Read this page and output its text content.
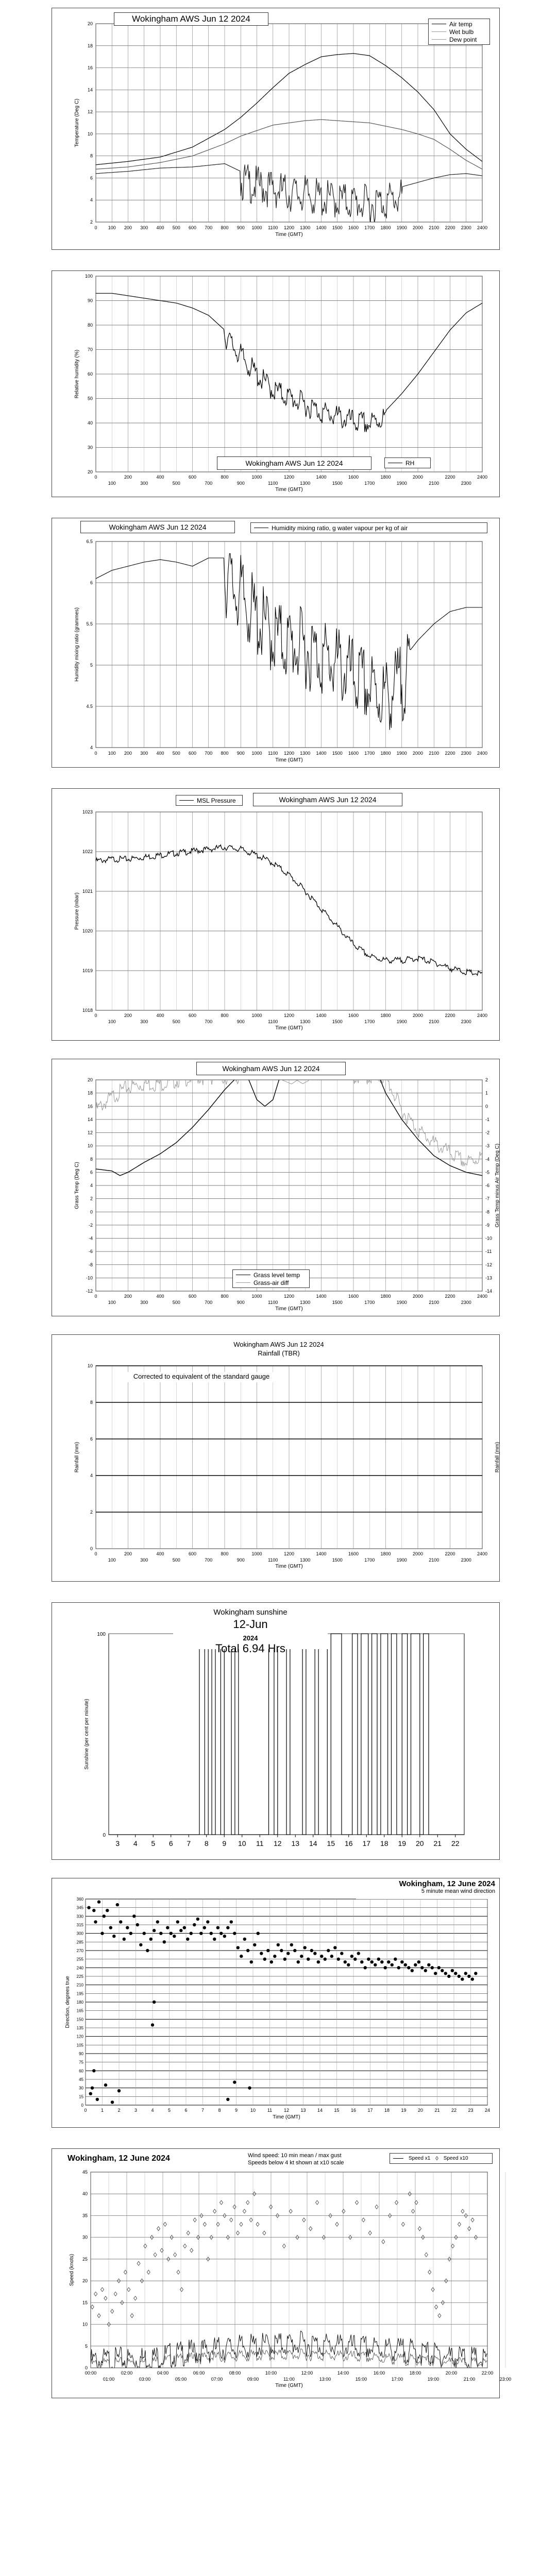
20
18
16
14
12
10
8
6
4
2
0 100 200 300 400 500 600 700 800 900 1000 1100 1200 1300 1400 1500 1600 1700 1800 1900 2000 2100 2200 2300 2400
Time (GMT)
Temperature (Deg C)
Wokingham AWS Jun 12 2024
Air temp
Wet bulb
Dew point
100
90
80
70
60
50
40
30
20
0	200	400	600	800	1000	1200	1400	1600	1800	2000	2200	2400
100	300	500	700	900	1100	1300	1500	1700	1900	2100	2300
Time (GMT)
Relative humidity (%)
Wokingham AWS Jun 12 2024	RH
6.5
6
5.5
5
4.5
4
0 100 200 300 400 500 600 700 800 900 1000 1100 1200 1300 1400 1500 1600 1700 1800 1900 2000 2100 2200 2300 2400
Time (GMT)
Humidity mixing ratio (grammes)
Wokingham AWS Jun 12 2024	Humidity mixing ratio, g water vapour per kg of air
1023
1022
1021
1020
1019
1018
0	200	400	600	800	1000	1200	1400	1600	1800	2000	2200	2400
100	300	500	700	900	1100	1300	1500	1700	1900	2100	2300
Time (GMT)
Pressure (mbar)
MSL Pressure	Wokingham AWS Jun 12 2024
20
18
16
14
12
10
8
6
4
2
0
-2
-4
-6
-8
-10
-12
2
1
0
-1
-2
-3
-4
-5
-6
-7
-8
-9
-10
-11
-12
-13
-14
0	200	400	600	800	1000	1200	1400	1600	1800	2000	2200	2400
100	300	500	700	900	1100	1300	1500	1700	1900	2100	2300
Time (GMT)
Grass Temp (Deg C)	Grass Temp minus Air Temp (Deg C)
Wokingham AWS Jun 12 2024
Grass level temp
Grass-air diff
10
8
6
4
2
0
0	200	400	600	800	1000	1200	1400	1600	1800	2000	2200	2400
100	300	500	700	900	1100	1300	1500	1700	1900	2100	2300
Time (GMT)
Rainfall (mm)	Rainfall (mm)
Wokingham AWS Jun 12 2024
Rainfall (TBR)
Corrected to equivalent of the standard gauge
100
0
Sunshine (per cent per minute)
3 4 5 6 7 8 9 10 11 12 13 14 15 16 17 18 19 20 21 22
Wokingham sunshine
12-Jun
2024
Total 6.94 Hrs
360
345
330
315
300
285
270
255
240
225
210
195
180
165
150
135
120
105
90
75
60
45
30
15
0
0	1	2	3	4	5	6	7	8	9	10	11	12 13 14 15 16 17 18 19 20 21 22 23 24
Time (GMT)
Direction, degrees true
Wokingham, 12 June 2024
5 minute mean wind direction
45
40
35
30
25
20
15
10
5
0
00:00	02:00	04:00	06:00	08:00	10:00	12:00	14:00	16:00	18:00	20:00	22:00
01:00	03:00	05:00	07:00	09:00	11:00	13:00	15:00	17:00	19:00	21:00	23:00
Time (GMT)
Speed (knots)
Wokingham, 12 June 2024	Wind speed: 10 min mean / max gust
Speeds below 4 kt shown at x10 scale
Speed x1 ◊ Speed x10
